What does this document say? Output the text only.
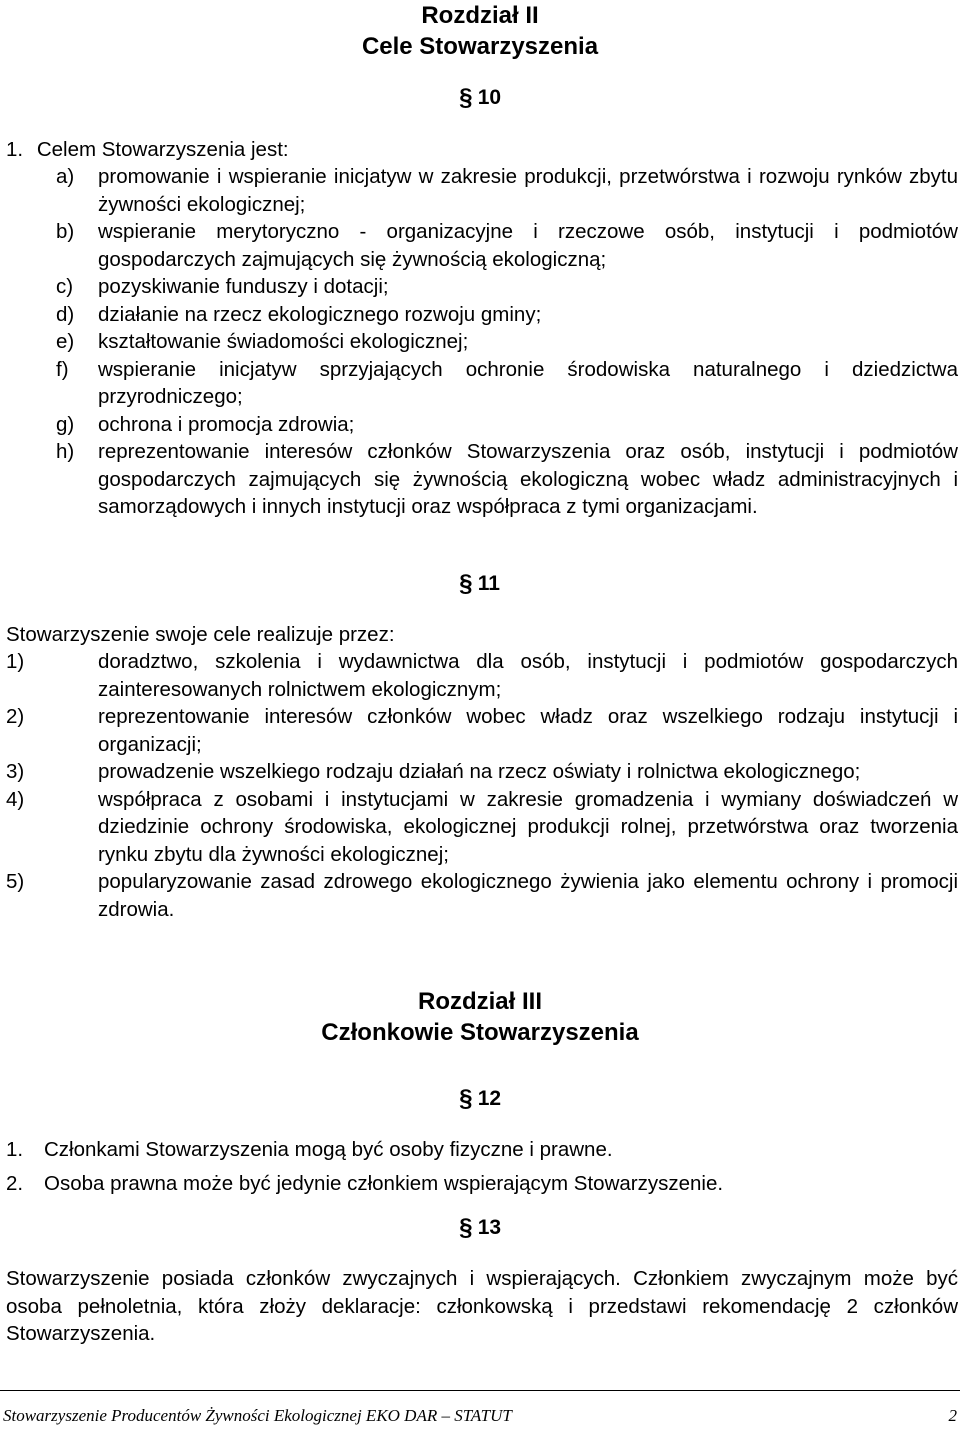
Rozdział II

Cele Stowarzyszenia

§ 10
1. Celem Stowarzyszenia jest:
a)	promowanie i wspieranie inicjatyw w zakresie produkcji, przetwórstwa i rozwoju rynków zbytu żywności ekologicznej;
b)	wspieranie merytoryczno - organizacyjne i rzeczowe osób, instytucji i podmiotów gospodarczych zajmujących się żywnością ekologiczną;
c)	pozyskiwanie funduszy i dotacji;
d)	działanie na rzecz ekologicznego rozwoju gminy;
e)	kształtowanie świadomości ekologicznej;
f)	wspieranie inicjatyw sprzyjających ochronie środowiska naturalnego i dziedzictwa przyrodniczego;
g)	ochrona i promocja zdrowia;
h)	reprezentowanie interesów członków Stowarzyszenia oraz osób, instytucji i podmiotów gospodarczych zajmujących się żywnością ekologiczną wobec władz administracyjnych i samorządowych i innych instytucji oraz współpraca z tymi organizacjami.
§ 11
Stowarzyszenie swoje cele realizuje przez:
1)	doradztwo, szkolenia i wydawnictwa dla osób, instytucji i podmiotów gospodarczych zainteresowanych rolnictwem ekologicznym;
2)	reprezentowanie interesów członków wobec władz oraz wszelkiego rodzaju instytucji i organizacji;
3)	prowadzenie wszelkiego rodzaju działań na rzecz oświaty i rolnictwa ekologicznego;
4)	współpraca z osobami i instytucjami w zakresie gromadzenia i wymiany doświadczeń w dziedzinie ochrony środowiska, ekologicznej produkcji rolnej, przetwórstwa oraz tworzenia rynku zbytu dla żywności ekologicznej;
5)	popularyzowanie zasad zdrowego ekologicznego żywienia jako elementu ochrony i promocji zdrowia.

Rozdział III

Członkowie Stowarzyszenia

§ 12
1.	Członkami Stowarzyszenia mogą być osoby fizyczne i prawne.
2.	Osoba prawna może być jedynie członkiem wspierającym Stowarzyszenie.
§ 13
Stowarzyszenie posiada członków zwyczajnych i wspierających. Członkiem zwyczajnym może być osoba pełnoletnia, która złoży deklaracje: członkowską i przedstawi rekomendację 2 członków Stowarzyszenia.
Stowarzyszenie Producentów Żywności Ekologicznej EKO DAR – STATUT	2
